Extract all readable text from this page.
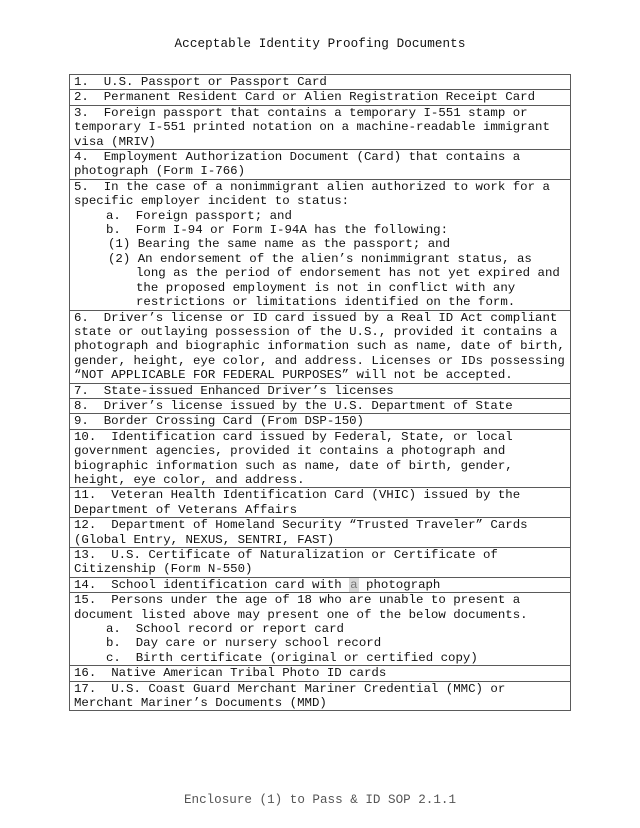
Acceptable Identity Proofing Documents
1. U.S. Passport or Passport Card
2. Permanent Resident Card or Alien Registration Receipt Card
3. Foreign passport that contains a temporary I-551 stamp or temporary I-551 printed notation on a machine-readable immigrant visa (MRIV)
4. Employment Authorization Document (Card) that contains a photograph (Form I-766)
5. In the case of a nonimmigrant alien authorized to work for a specific employer incident to status:

a. Foreign passport; and
b. Form I-94 or Form I-94A has the following:
(1) Bearing the same name as the passport; and
(2) An endorsement of the alien’s nonimmigrant status, as long as the period of endorsement has not yet expired and the proposed employment is not in conflict with any restrictions or limitations identified on the form.

6. Driver’s license or ID card issued by a Real ID Act compliant state or outlaying possession of the U.S., provided it contains a photograph and biographic information such as name, date of birth, gender, height, eye color, and address. Licenses or IDs possessing “NOT APPLICABLE FOR FEDERAL PURPOSES” will not be accepted.
7. State-issued Enhanced Driver’s licenses
8. Driver’s license issued by the U.S. Department of State
9. Border Crossing Card (From DSP-150)
10. Identification card issued by Federal, State, or local government agencies, provided it contains a photograph and biographic information such as name, date of birth, gender, height, eye color, and address.
11. Veteran Health Identification Card (VHIC) issued by the Department of Veterans Affairs
12. Department of Homeland Security “Trusted Traveler” Cards (Global Entry, NEXUS, SENTRI, FAST)
13. U.S. Certificate of Naturalization or Certificate of Citizenship (Form N-550)
14. School identification card with a photograph
15. Persons under the age of 18 who are unable to present a document listed above may present one of the below documents.

a. School record or report card
b. Day care or nursery school record
c. Birth certificate (original or certified copy)

16. Native American Tribal Photo ID cards
17. U.S. Coast Guard Merchant Mariner Credential (MMC) or Merchant Mariner’s Documents (MMD)

Enclosure (1) to Pass & ID SOP 2.1.1
